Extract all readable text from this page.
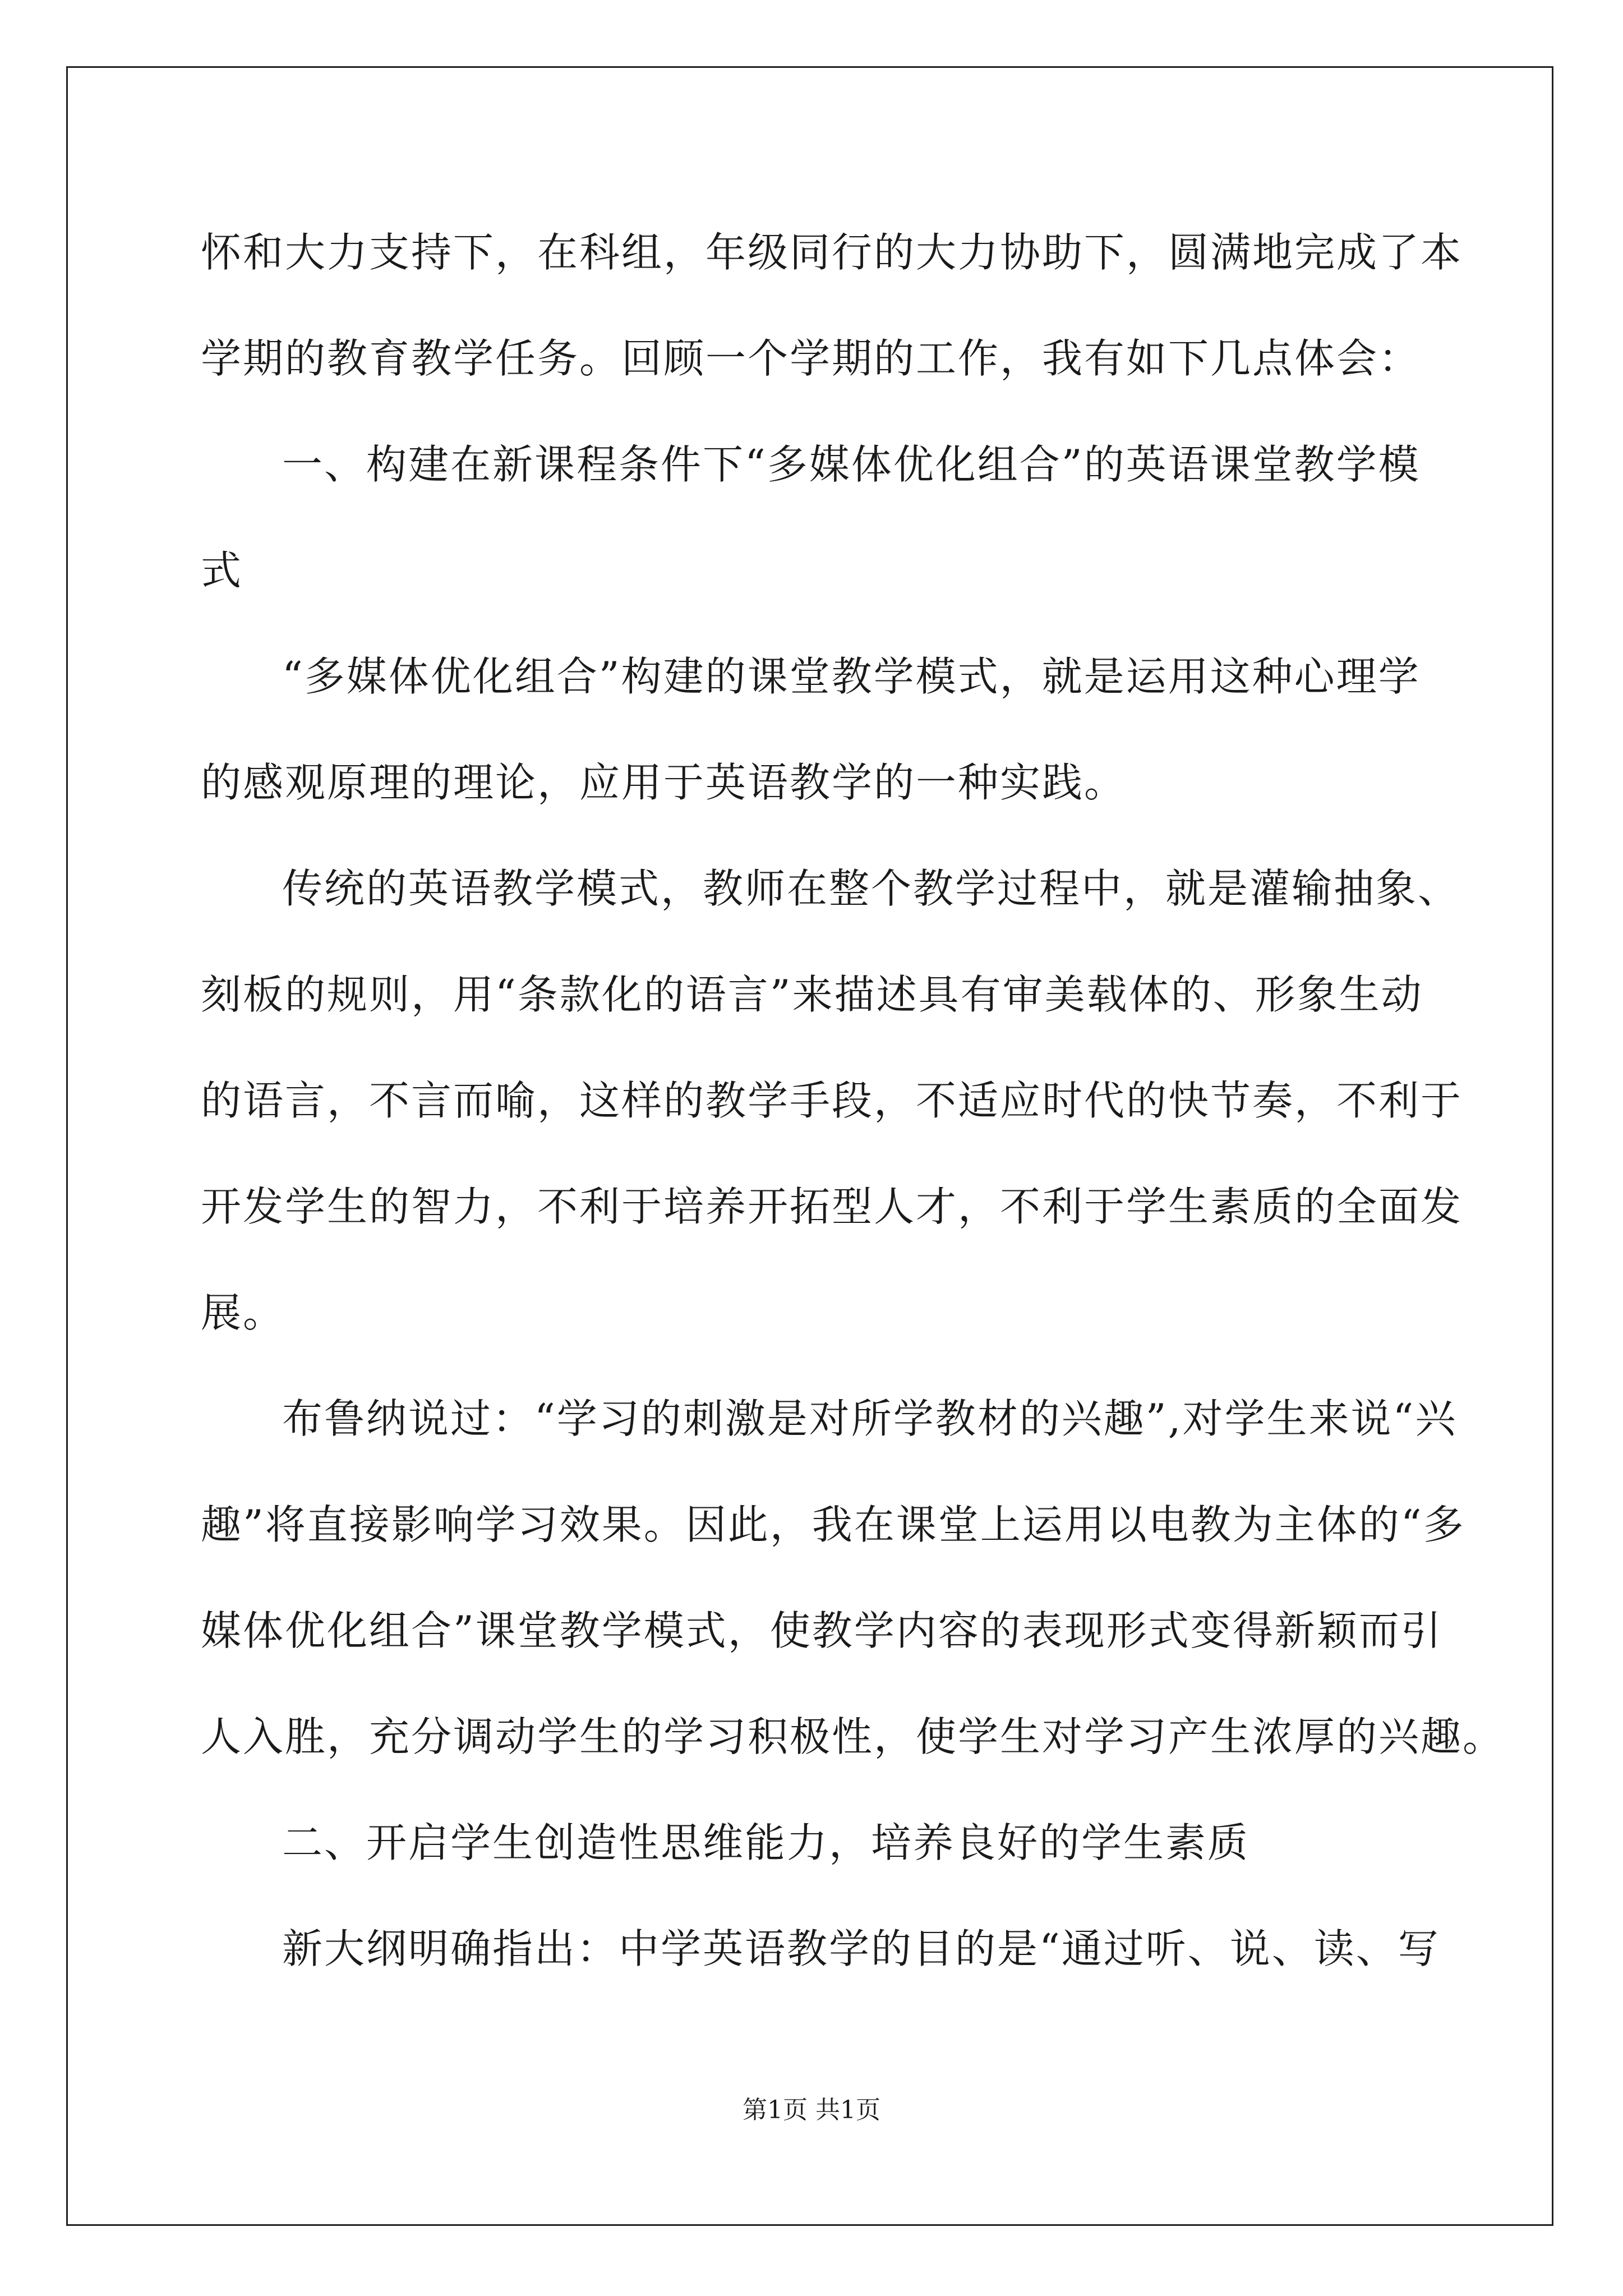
怀和大力支持下，在科组，年级同行的大力协助下，圆满地完成了本
学期的教育教学任务。回顾一个学期的工作，我有如下几点体会：
一、构建在新课程条件下“多媒体优化组合”的英语课堂教学模
式
“多媒体优化组合”构建的课堂教学模式，就是运用这种心理学
的感观原理的理论，应用于英语教学的一种实践。
传统的英语教学模式，教师在整个教学过程中，就是灌输抽象、
刻板的规则，用“条款化的语言”来描述具有审美载体的、形象生动
的语言，不言而喻，这样的教学手段，不适应时代的快节奏，不利于
开发学生的智力，不利于培养开拓型人才，不利于学生素质的全面发
展。
布鲁纳说过：“学习的刺激是对所学教材的兴趣”,对学生来说“兴
趣”将直接影响学习效果。因此，我在课堂上运用以电教为主体的“多
媒体优化组合”课堂教学模式，使教学内容的表现形式变得新颖而引
人入胜，充分调动学生的学习积极性，使学生对学习产生浓厚的兴趣。
二、开启学生创造性思维能力，培养良好的学生素质
新大纲明确指出：中学英语教学的目的是“通过听、说、读、写
第1页 共1页
